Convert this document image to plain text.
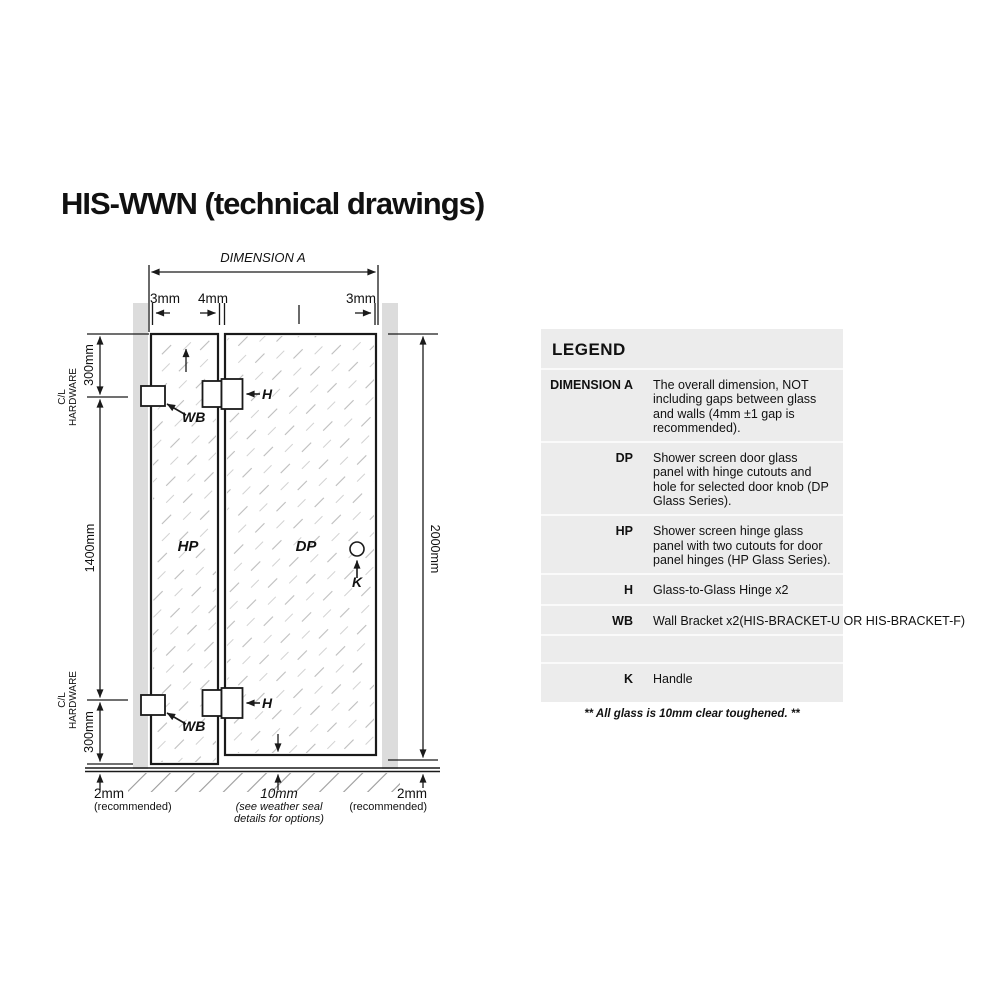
HIS-WWN (technical drawings)
DIMENSION A
3mm	4mm	3mm
300mm
C/L HARDWARE
1400mm
C/L HARDWARE
300mm
2000mm
HP	DP
WB
H
WB
H
K
2mm
(recommended)
10mm
(see weather seal details for options)
2mm
(recommended)
LEGEND
DIMENSION A The overall dimension, NOT including gaps between glass and walls (4mm ±1 gap is recommended).
DP Shower screen door glass panel with hinge cutouts and hole for selected door knob (DP Glass Series).
HP Shower screen hinge glass panel with two cutouts for door panel hinges (HP Glass Series).
H Glass-to-Glass Hinge x2
WB Wall Bracket x2(HIS-BRACKET-U OR HIS-BRACKET-F)
K Handle
** All glass is 10mm clear toughened. **
